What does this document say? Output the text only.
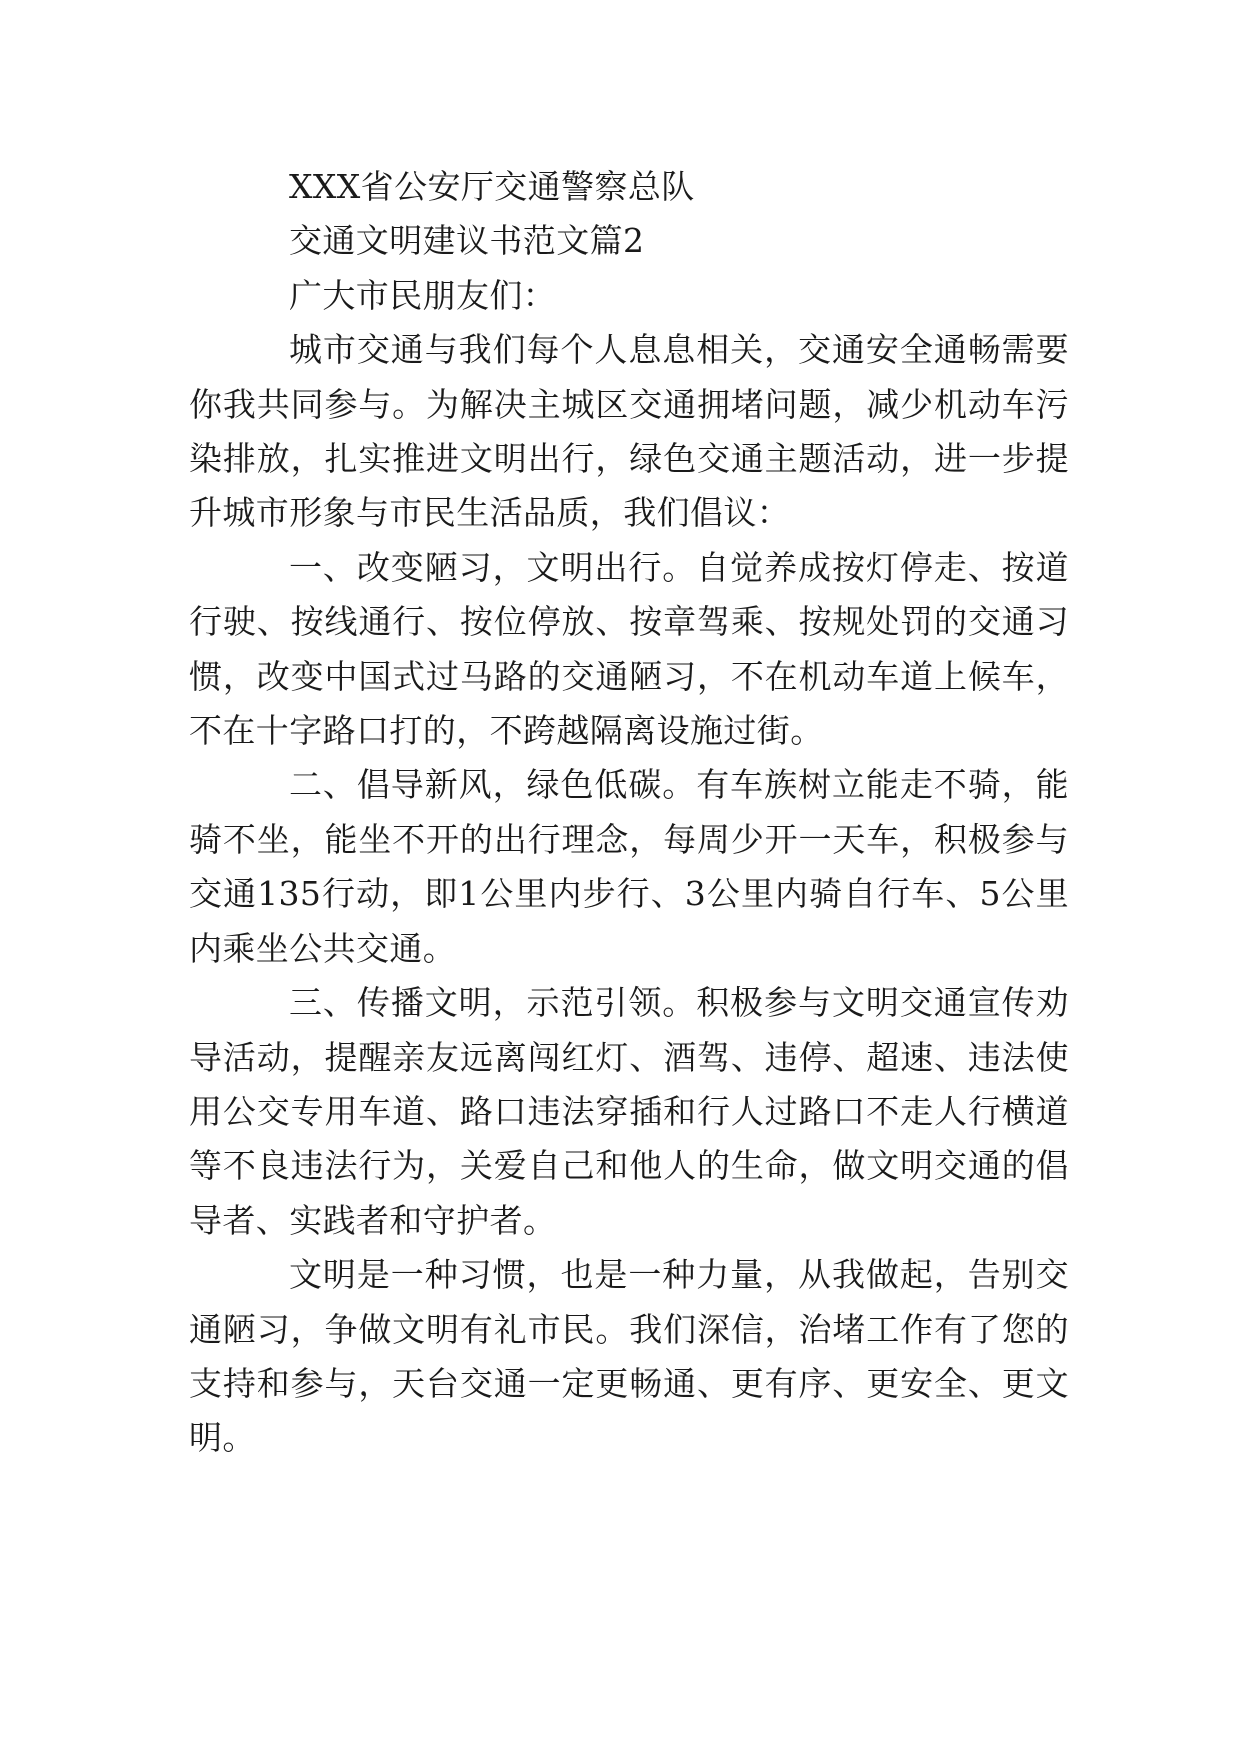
XXX省公安厅交通警察总队

交通文明建议书范文篇2

广大市民朋友们：

城市交通与我们每个人息息相关，交通安全通畅需要你我共同参与。为解决主城区交通拥堵问题，减少机动车污染排放，扎实推进文明出行，绿色交通主题活动，进一步提升城市形象与市民生活品质，我们倡议：

一、改变陋习，文明出行。自觉养成按灯停走、按道行驶、按线通行、按位停放、按章驾乘、按规处罚的交通习惯，改变中国式过马路的交通陋习，不在机动车道上候车，不在十字路口打的，不跨越隔离设施过街。

二、倡导新风，绿色低碳。有车族树立能走不骑，能骑不坐，能坐不开的出行理念，每周少开一天车，积极参与交通135行动，即1公里内步行、3公里内骑自行车、5公里内乘坐公共交通。

三、传播文明，示范引领。积极参与文明交通宣传劝导活动，提醒亲友远离闯红灯、酒驾、违停、超速、违法使用公交专用车道、路口违法穿插和行人过路口不走人行横道等不良违法行为，关爱自己和他人的生命，做文明交通的倡导者、实践者和守护者。

文明是一种习惯，也是一种力量，从我做起，告别交通陋习，争做文明有礼市民。我们深信，治堵工作有了您的支持和参与，天台交通一定更畅通、更有序、更安全、更文明。
